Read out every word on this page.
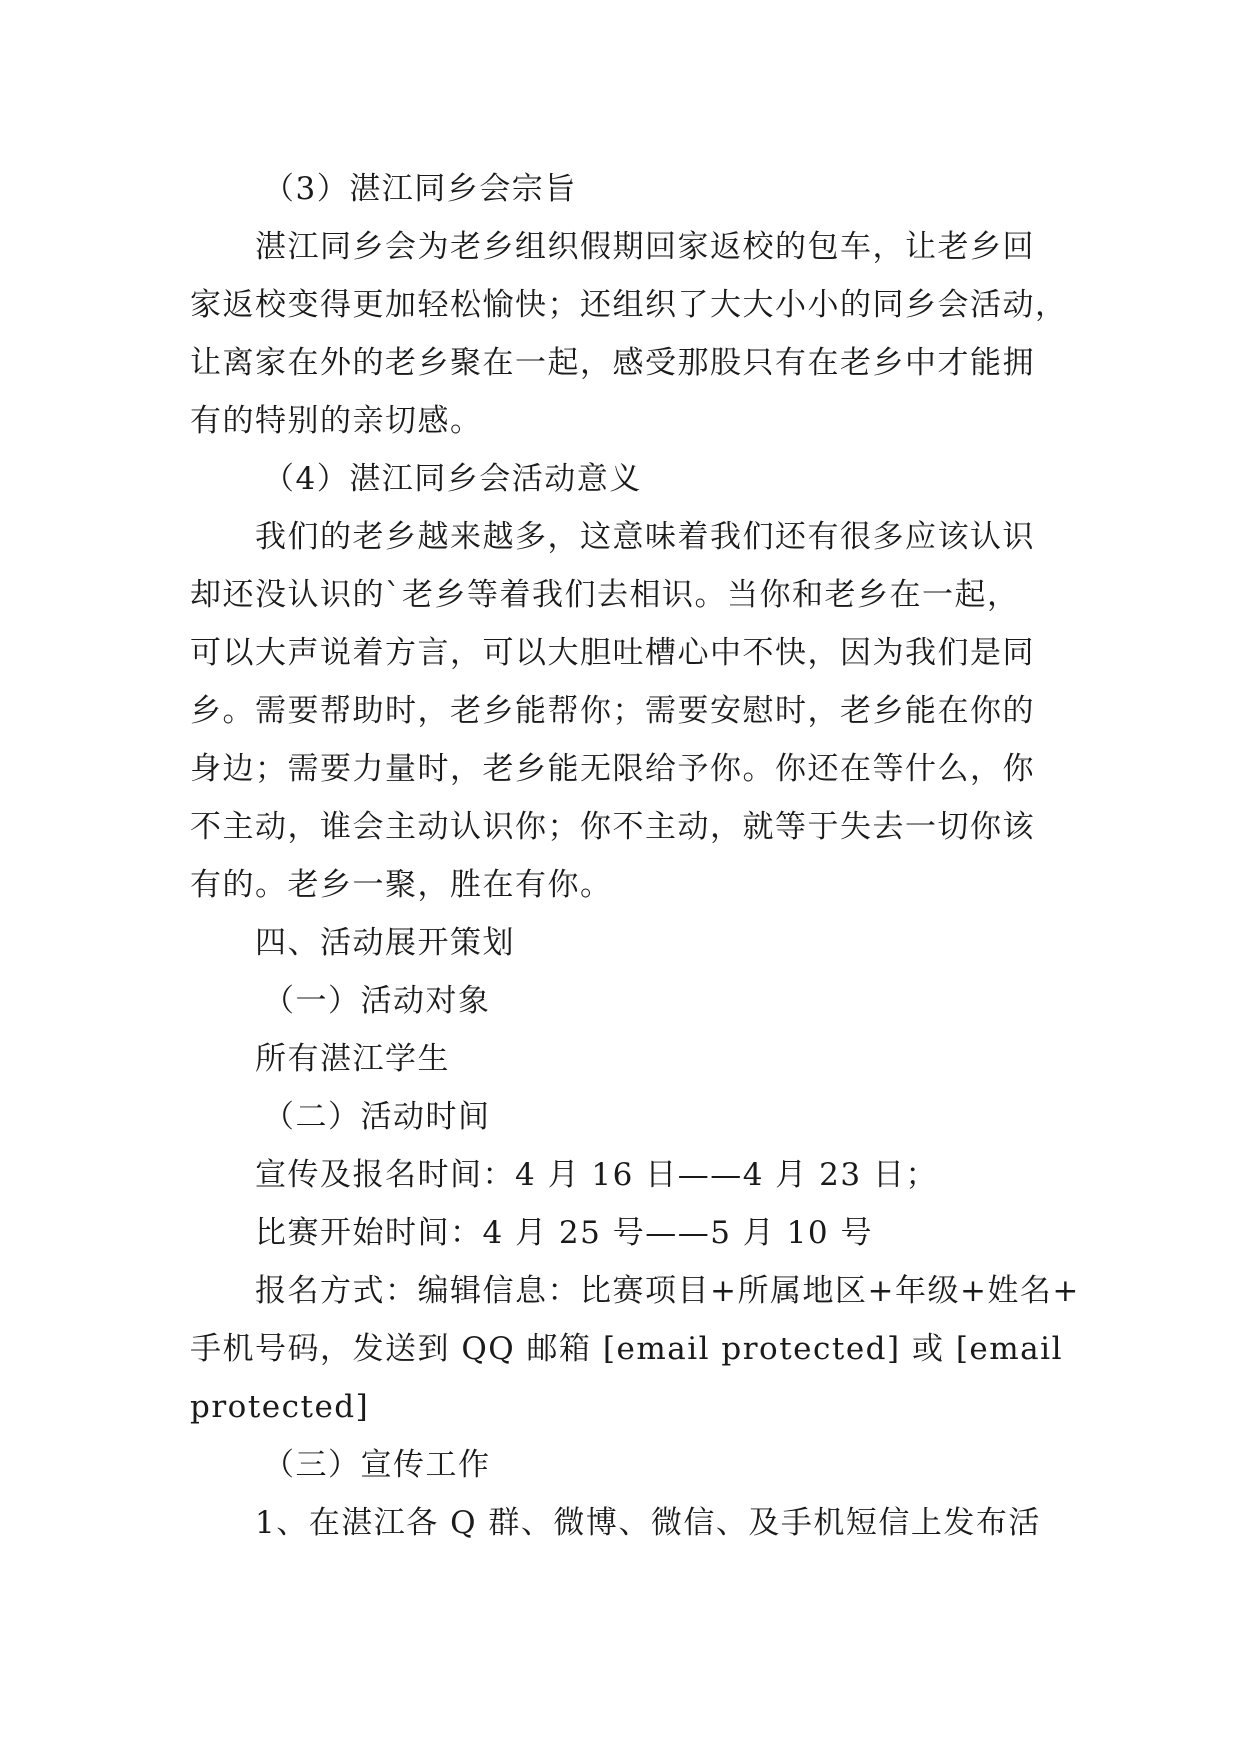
（3）湛江同乡会宗旨
湛江同乡会为老乡组织假期回家返校的包车，让老乡回
家返校变得更加轻松愉快；还组织了大大小小的同乡会活动，
让离家在外的老乡聚在一起，感受那股只有在老乡中才能拥
有的特别的亲切感。
（4）湛江同乡会活动意义
我们的老乡越来越多，这意味着我们还有很多应该认识
却还没认识的`老乡等着我们去相识。当你和老乡在一起，
可以大声说着方言，可以大胆吐槽心中不快，因为我们是同
乡。需要帮助时，老乡能帮你；需要安慰时，老乡能在你的
身边；需要力量时，老乡能无限给予你。你还在等什么，你
不主动，谁会主动认识你；你不主动，就等于失去一切你该
有的。老乡一聚，胜在有你。
四、活动展开策划
（一）活动对象
所有湛江学生
（二）活动时间
宣传及报名时间：4 月 16 日——4 月 23 日；
比赛开始时间：4 月 25 号——5 月 10 号
报名方式：编辑信息：比赛项目+所属地区+年级+姓名+
手机号码，发送到 QQ 邮箱 [email protected] 或 [email
protected]
（三）宣传工作
1、在湛江各 Q 群、微博、微信、及手机短信上发布活
